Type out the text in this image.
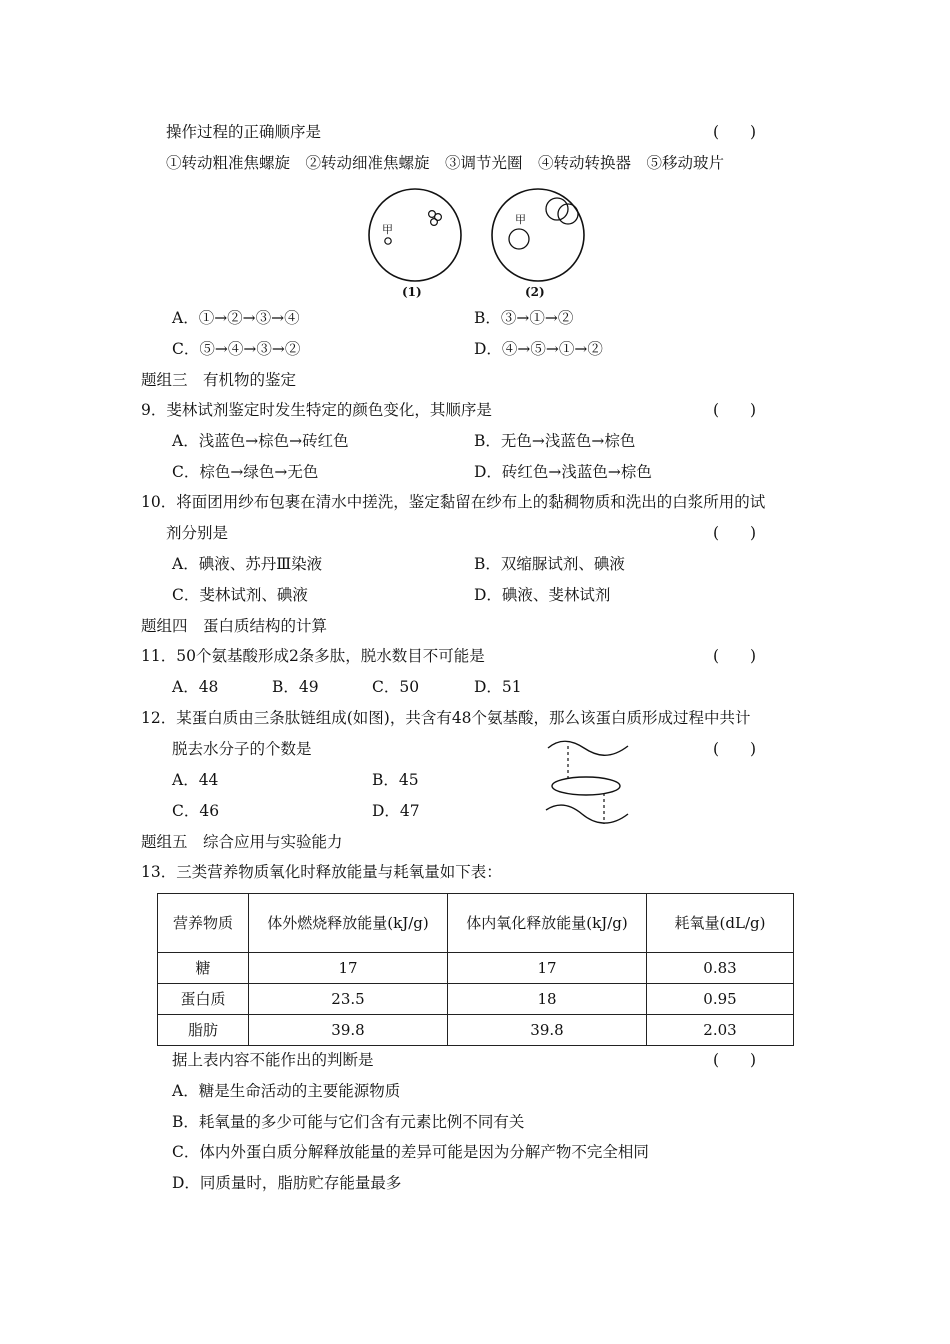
操作过程的正确顺序是	(　　)
①转动粗准焦螺旋　②转动细准焦螺旋　③调节光圈　④转动转换器　⑤移动玻片
甲
(1)
甲
(2)
A．①→②→③→④	B．③→①→②
C．⑤→④→③→②	D．④→⑤→①→②
题组三　有机物的鉴定
9．斐林试剂鉴定时发生特定的颜色变化，其顺序是	(　　)
A．浅蓝色→棕色→砖红色	B．无色→浅蓝色→棕色
C．棕色→绿色→无色	D．砖红色→浅蓝色→棕色
10．将面团用纱布包裹在清水中搓洗，鉴定黏留在纱布上的黏稠物质和洗出的白浆所用的试
剂分别是	(　　)
A．碘液、苏丹Ⅲ染液	B．双缩脲试剂、碘液
C．斐林试剂、碘液	D．碘液、斐林试剂
题组四　蛋白质结构的计算
11．50个氨基酸形成2条多肽，脱水数目不可能是	(　　)
A．48	B．49	C．50	D．51
12．某蛋白质由三条肽链组成(如图)，共含有48个氨基酸，那么该蛋白质形成过程中共计
脱去水分子的个数是	(　　)
A．44	B．45
C．46	D．47
题组五　综合应用与实验能力
13．三类营养物质氧化时释放能量与耗氧量如下表：
营养物质	体外燃烧释放能量(kJ/g)	体内氧化释放能量(kJ/g)	耗氧量(dL/g)
糖	17	17	0.83
蛋白质	23.5	18	0.95
脂肪	39.8	39.8	2.03
据上表内容不能作出的判断是	(　　)
A．糖是生命活动的主要能源物质
B．耗氧量的多少可能与它们含有元素比例不同有关
C．体内外蛋白质分解释放能量的差异可能是因为分解产物不完全相同
D．同质量时，脂肪贮存能量最多
